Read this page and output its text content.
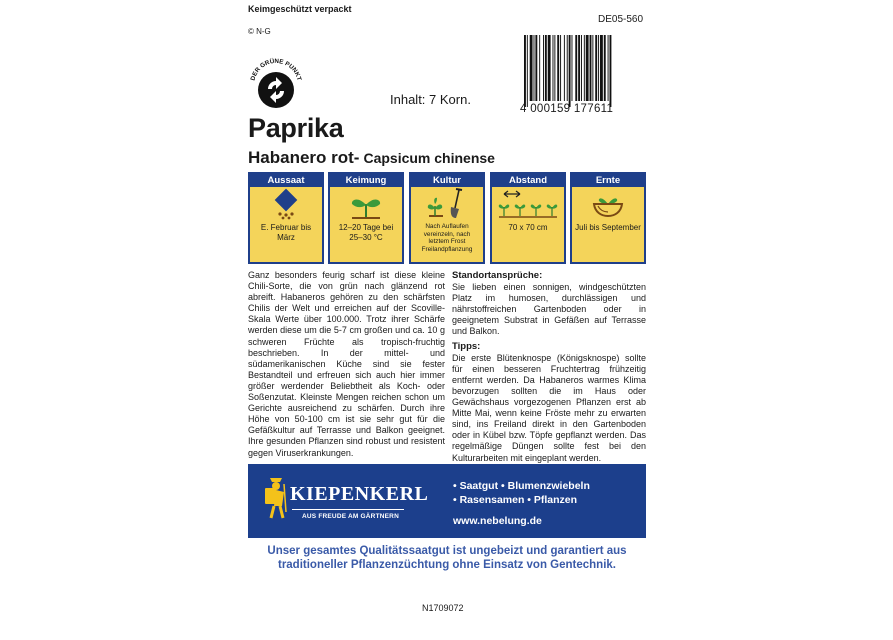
Keimgeschützt verpackt
© N-G
DE05-560
DER GRÜNE PUNKT
Inhalt: 7 Korn.
4 000159 177611
Paprika
Habanero rot- Capsicum chinense
Aussaat
E. Februar bis März
Keimung
12–20 Tage bei 25–30 °C
Kultur
Nach Auflaufen vereinzeln, nach letztem Frost Freilandpflanzung
Abstand
70 x 70 cm
Ernte
Juli bis September

Ganz besonders feurig scharf ist diese kleine Chili-Sorte, die von grün nach glänzend rot abreift. Habaneros gehören zu den schärfsten Chilis der Welt und erreichen auf der Scoville-Skala Werte über 100.000. Trotz ihrer Schärfe werden diese um die 5-7 cm großen und ca. 10 g schweren Früchte als tropisch-fruchtig beschrieben. In der mittel- und südamerikanischen Küche sind sie fester Bestandteil und erfreuen sich auch hier immer größer werdender Beliebtheit als Koch- oder Soßenzutat. Kleinste Mengen reichen schon um Gerichte ausreichend zu schärfen. Durch ihre Höhe von 50-100 cm ist sie sehr gut für die Gefäßkultur auf Terrasse und Balkon geeignet. Ihre gesunden Pflanzen sind robust und resistent gegen Viruserkrankungen.

Standortansprüche:

Sie lieben einen sonnigen, windgeschützten Platz im humosen, durchlässigen und nährstoffreichen Gartenboden oder in geeignetem Substrat in Gefäßen auf Terrasse und Balkon.

Tipps:

Die erste Blütenknospe (Königsknospe) sollte für einen besseren Fruchtertrag frühzeitig entfernt werden. Da Habaneros warmes Klima bevorzugen sollten die im Haus oder Gewächshaus vorgezogenen Pflanzen erst ab Mitte Mai, wenn keine Fröste mehr zu erwarten sind, ins Freiland direkt in den Gartenboden oder in Kübel bzw. Töpfe gepflanzt werden. Das regelmäßige Düngen sollte fest bei den Kulturarbeiten mit eingeplant werden.

KIEPENKERL
AUS FREUDE AM GÄRTNERN
• Saatgut • Blumenzwiebeln
• Rasensamen • Pflanzen
www.nebelung.de
Unser gesamtes Qualitätssaatgut ist ungebeizt und garantiert aus
traditioneller Pflanzenzüchtung ohne Einsatz von Gentechnik.
N1709072
